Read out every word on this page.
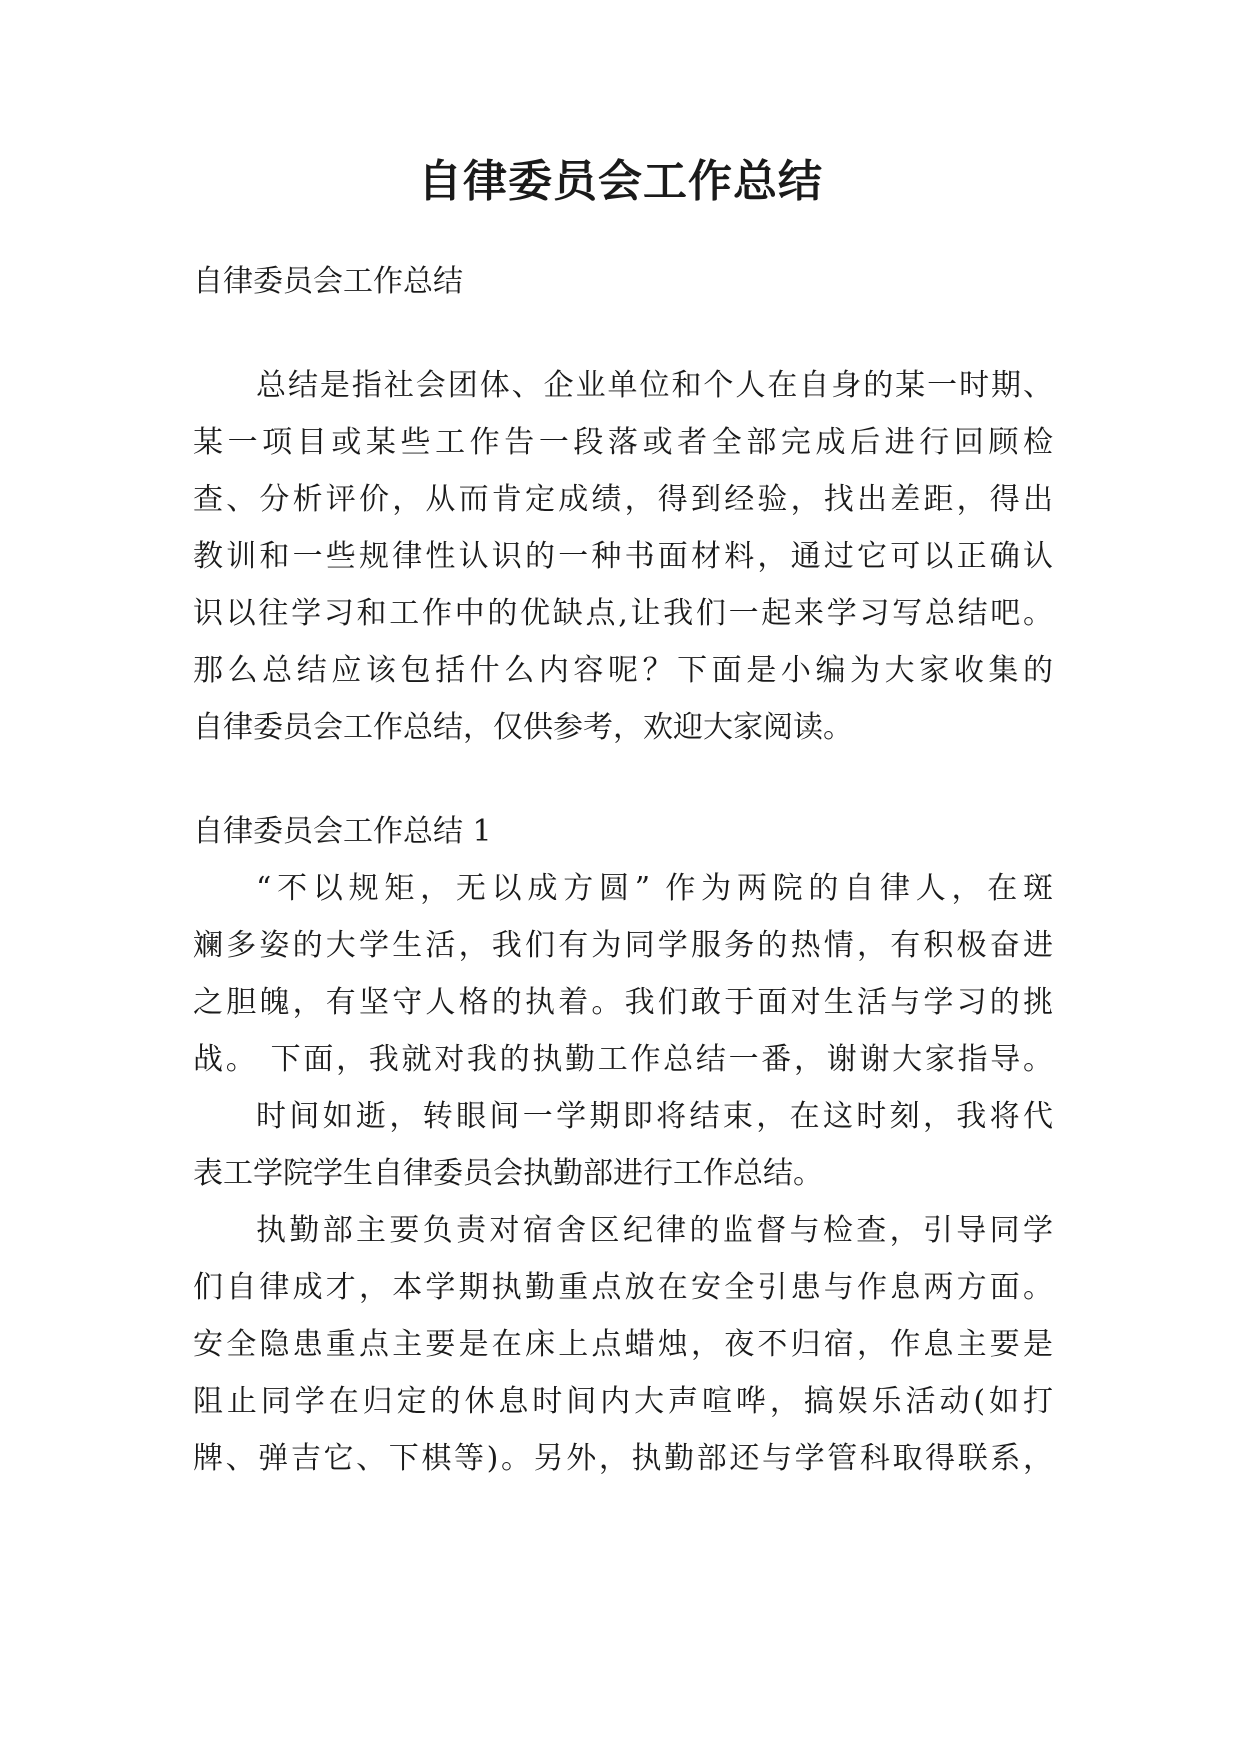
自律委员会工作总结

自律委员会工作总结

总结是指社会团体、企业单位和个人在自身的某一时期、

某一项目或某些工作告一段落或者全部完成后进行回顾检

查、分析评价，从而肯定成绩，得到经验，找出差距，得出

教训和一些规律性认识的一种书面材料，通过它可以正确认

识以往学习和工作中的优缺点,让我们一起来学习写总结吧。

那么总结应该包括什么内容呢？下面是小编为大家收集的

自律委员会工作总结，仅供参考，欢迎大家阅读。

自律委员会工作总结 1

“不以规矩，无以成方圆” 作为两院的自律人，在斑

斓多姿的大学生活，我们有为同学服务的热情，有积极奋进

之胆魄，有坚守人格的执着。我们敢于面对生活与学习的挑

战。 下面，我就对我的执勤工作总结一番，谢谢大家指导。

时间如逝，转眼间一学期即将结束，在这时刻，我将代

表工学院学生自律委员会执勤部进行工作总结。

执勤部主要负责对宿舍区纪律的监督与检查，引导同学

们自律成才，本学期执勤重点放在安全引患与作息两方面。

安全隐患重点主要是在床上点蜡烛，夜不归宿，作息主要是

阻止同学在归定的休息时间内大声喧哗，搞娱乐活动(如打

牌、弹吉它、下棋等)。另外，执勤部还与学管科取得联系，
